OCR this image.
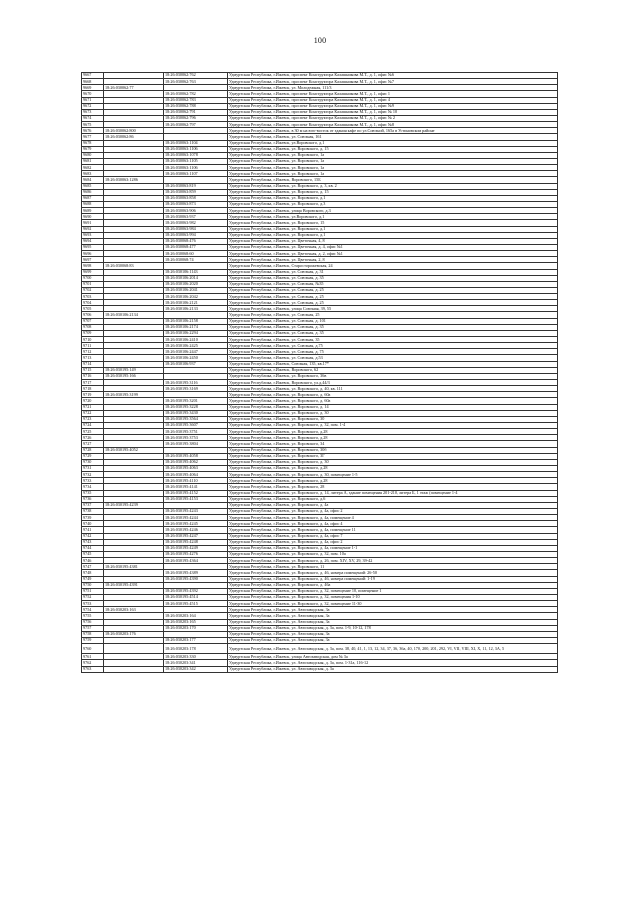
100
9667		18:26:030062:762	Удмуртская Республика, г.Ижевск, проспект Конструктора Калашникова М.Т., д. 1, офис №6
9668		18:26:030062:763	Удмуртская Республика, г.Ижевск, проспект Конструктора Калашникова М.Т., д. 1, офис №7
9669	18:26:030062:77		Удмуртская Республика, г.Ижевск, ул. Молодежная, 111/3
9670		18:26:030062:782	Удмуртская Республика, г.Ижевск, проспект Конструктора Калашникова М.Т., д. 1, офис 1
9671		18:26:030062:783	Удмуртская Республика, г.Ижевск, проспект Конструктора Калашникова М.Т., д. 1, офис 4
9672		18:26:030062:788	Удмуртская Республика, г.Ижевск, проспект Конструктора Калашникова М.Т., д. 1, офис №9
9673		18:26:030062:791	Удмуртская Республика, г.Ижевск, проспект Конструктора Калашникова М.Т., д. 1, офис № 10
9674		18:26:030062:796	Удмуртская Республика, г.Ижевск, проспект Конструктора Калашникова М.Т., д. 1, офис № 2
9675		18:26:030062:797	Удмуртская Республика, г.Ижевск, проспект Конструктора Калашникова М.Т., д. 1, офис №8
9676	18:26:030062:800		Удмуртская Республика, г.Ижевск, в 30 м на юго-восток от здания кафе по ул.Союзной, 165а в Устиновском районе
9677	18:26:030062:86		Удмуртская Республика, г.Ижевск, ул. Союзная, 161
9678		18:26:030063:1104	Удмуртская Республика, г.Ижевск, ул.Воровского, д.1
9679		18:26:030063:1106	Удмуртская Республика, г.Ижевск, ул. Воровского, д. 15
9680		18:26:030063:1078	Удмуртская Республика, г.Ижевск, ул. Воровского, 1а
9681		18:26:030063:1105	Удмуртская Республика, г.Ижевск, ул. Воровского, 1а
9682		18:26:030063:1106	Удмуртская Республика, г.Ижевск, ул. Воровского, 1а
9683		18:26:030063:1107	Удмуртская Республика, г.Ижевск, ул. Воровского, 1а
9684	18:26:030063:1286		Удмуртская Республика, г.Ижевск, Воровского, 15Б
9685		18:26:030063:819	Удмуртская Республика, г.Ижевск, ул. Воровского, д. 3, кв. 2
9686		18:26:030063:859	Удмуртская Республика, г.Ижевск, ул. Воровского, д. 15
9687		18:26:030063:858	Удмуртская Республика, г.Ижевск, ул. Воровского, д.1
9688		18:26:030063:873	Удмуртская Республика, г.Ижевск, ул. Воровского, д.3
9689		18:26:030063:906	Удмуртская Республика, г.Ижевск, улица Воровского, д.3
9690		18:26:030063:937	Удмуртская Республика, г.Ижевск, ул.Воровского, д.1
9691		18:26:030063:982	Удмуртская Республика, г.Ижевск, ул. Воровского, 15
9692		18:26:030063:984	Удмуртская Республика, г.Ижевск, ул. Воровского, д.1
9693		18:26:030063:994	Удмуртская Республика, г.Ижевск, ул. Воровского, д.1
9694		18:26:030068:476	Удмуртская Республика, г.Ижевск, ул. Цветочная, 4, 8
9695		18:26:030068:477	Удмуртская Республика, г.Ижевск, ул. Цветочная, д. 4, офис №1
9696		18:26:030068:60	Удмуртская Республика, г.Ижевск, ул. Цветочная, д. 2, офис №1
9697		18:26:030068:74	Удмуртская Республика, г.Ижевск, ул. Цветочная, 2, 8
9698	18:26:030068:83		Удмуртская Республика, г.Ижевск, Старосторожевская, 24
9699		18:26:030106:1143	Удмуртская Республика, г.Ижевск, ул. Союзная, д. 31
9700		18:26:030106:2014	Удмуртская Республика, г.Ижевск, ул. Союзная, д. 35
9701		18:26:030106:2020	Удмуртская Республика, г.Ижевск, ул. Союзная, №35
9702		18:26:030106:2041	Удмуртская Республика, г.Ижевск, ул. Союзная, д. 25
9703		18:26:030106:2042	Удмуртская Республика, г.Ижевск, ул. Союзная, д. 25
9704		18:26:030106:2121	Удмуртская Республика, г.Ижевск, ул. Союзная, д. 25
9705		18:26:030106:2133	Удмуртская Республика, г.Ижевск, улица Союзная, 39, 55
9706	18:26:030106:2134		Удмуртская Республика, г.Ижевск, ул. Союзная, 25
9707		18:26:030106:2158	Удмуртская Республика, г.Ижевск, ул. Союзная, д. 101
9708		18:26:030106:2174	Удмуртская Республика, г.Ижевск, ул. Союзная, д. 35
9709		18:26:030106:2294	Удмуртская Республика, г.Ижевск, ул. Союзная, д. 35
9710		18:26:030106:2410	Удмуртская Республика, г.Ижевск, ул. Союзная, 35
9711		18:26:030106:2425	Удмуртская Республика, г.Ижевск, ул. Союзная, д.75
9712		18:26:030106:2447	Удмуртская Республика, г.Ижевск, ул. Союзная, д. 75
9713		18:26:030106:2450	Удмуртская Республика, г.Ижевск, ул. Союзная, д.53
9714		18:26:030106:937	Удмуртская Республика, г.Ижевск, Союзная, 135, кв.17*
9715	18:26:030195:149		Удмуртская Республика, г.Ижевск, Воровского, 62
9716	18:26:030195:166		Удмуртская Республика, г.Ижевск, ул. Воровского, 36в
9717		18:26:030195:3116	Удмуртская Республика, г.Ижевск, Воровского, ул.д.44/3
9718		18:26:030195:3169	Удмуртская Республика, г.Ижевск, ул. Воровского, д. 40, кв. 111
9719	18:26:030195:3199		Удмуртская Республика, г.Ижевск, ул. Воровского, д. 60а
9720		18:26:030195:3201	Удмуртская Республика, г.Ижевск, ул. Воровского, д. 60а
9721		18:26:030195:3228	Удмуртская Республика, г.Ижевск, ул. Воровского, д. 14
9722		18:26:030195:3430	Удмуртская Республика, г.Ижевск, ул. Воровского, д. 30
9723		18:26:030195:3564	Удмуртская Республика, г.Ижевск, ул. Воровского, 30
9724		18:26:030195:3607	Удмуртская Республика, г.Ижевск, ул. Воровского, д. 32, пом. 1-4
9725		18:26:030195:3751	Удмуртская Республика, г.Ижевск, ул. Воровского, д.28
9726		18:26:030195:3753	Удмуртская Республика, г.Ижевск, ул. Воровского, д.28
9727		18:26:030195:3804	Удмуртская Республика, г.Ижевск, ул. Воровского, 34
9728	18:26:030195:4052		Удмуртская Республика, г.Ижевск, ул. Воровского, 30б
9729		18:26:030195:4058	Удмуртская Республика, г.Ижевск, ул. Воровского, 3Г
9730		18:26:030195:4062	Удмуртская Республика, г.Ижевск, ул. Воровского, д. 30
9731		18:26:030195:4063	Удмуртская Республика, г.Ижевск, ул. Воровского, д.28
9732		18:26:030195:4064	Удмуртская Республика, г.Ижевск, ул. Воровского, д. 30, помещение 1-5
9733		18:26:030195:4110	Удмуртская Республика, г.Ижевск, ул. Воровского, д.28
9734		18:26:030195:4141	Удмуртская Республика, г.Ижевск, ул. Воровского, 28
9735		18:26:030195:4152	Удмуртская Республика, г.Ижевск, ул. Воровского, д. 14, литера А, здание помещения 201-210, литера Б, 1 этаж (помещение 1-4
9736		18:26:030195:4153	Удмуртская Республика, г.Ижевск, ул. Воровского, д.6
9737	18:26:030195:4239		Удмуртская Республика, г.Ижевск, ул. Воровского, д. 4а
9738		18:26:030195:4243	Удмуртская Республика, г.Ижевск, ул. Воровского, д. 4а, офис 2
9739		18:26:030195:4244	Удмуртская Республика, г.Ижевск, ул. Воровского, д. 4а, помещение 4
9740		18:26:030195:4245	Удмуртская Республика, г.Ижевск, ул. Воровского, д. 4а, офис 4
9741		18:26:030195:4246	Удмуртская Республика, г.Ижевск, ул. Воровского, д. 4а, помещение 11
9742		18:26:030195:4247	Удмуртская Республика, г.Ижевск, ул. Воровского, д. 4а, офис 7
9743		18:26:030195:4248	Удмуртская Республика, г.Ижевск, ул. Воровского, д. 4а, офис 2
9744		18:26:030195:4249	Удмуртская Республика, г.Ижевск, ул. Воровского, д. 4а, помещение 1-1
9745		18:26:030195:4276	Удмуртская Республика, г.Ижевск, ул. Воровского, д. 32, пом. 10а
9746		18:26:030195:4364	Удмуртская Республика, г.Ижевск, ул. Воровского, д. 26, пом. XIV, XV, 29, 39-42
9747	18:26:030195:4381		Удмуртская Республика, г.Ижевск, ул. Воровского, 11
9748		18:26:030195:4389	Удмуртская Республика, г.Ижевск, ул. Воровского, д. 46, номера помещений: 26-50
9749		18:26:030195:4390	Удмуртская Республика, г.Ижевск, ул. Воровского, д. 46, номера помещений: 1-19
9750	18:26:030195:4391		Удмуртская Республика, г.Ижевск, ул. Воровского, д. 46а
9751		18:26:030195:4392	Удмуртская Республика, г.Ижевск, ул. Воровского, д. 32, помещение 10, помещение 1
9752		18:26:030195:4514	Удмуртская Республика, г.Ижевск, ул. Воровского, д. 32, помещения 1-10
9753		18:26:030195:4515	Удмуртская Республика, г.Ижевск, ул. Воровского, д. 32, помещение 11-30
9754	18:26:030203:163		Удмуртская Республика, г.Ижевск, ул. Автозаводская, 3а
9755		18:26:030203:164	Удмуртская Республика, г.Ижевск, ул. Автозаводская, 3а
9756		18:26:030203:165	Удмуртская Республика, г.Ижевск, ул. Автозаводская, 3а
9757		18:26:030203:170	Удмуртская Республика, г.Ижевск, ул. Автозаводская, д. 3а, пом. 1-9, 10-12, 178
9758	18:26:030203:176		Удмуртская Республика, г.Ижевск, ул. Автозаводская, 3а
9759		18:26:030203:177	Удмуртская Республика, г.Ижевск, ул. Автозаводская, 3а
9760		18:26:030203:178	Удмуртская Республика, г.Ижевск, ул. Автозаводская, д. 3а, пом. 38, 40, 41, 1, 13, 12, 34, 37, 36, 36а, 40, 170, 200, 201, 292, VI, VII, VIII, XI, X, 11, 12, 3А, 5
9761		18:26:030203:330	Удмуртская Республика, г.Ижевск, улица Автозаводская, дом № 3а
9762		18:26:030203:341	Удмуртская Республика, г.Ижевск, ул. Автозаводская, д. 3а, пом. 1-31а, 116-12
9763		18:26:030203:342	Удмуртская Республика, г.Ижевск, ул. Автозаводская, д. 3а
